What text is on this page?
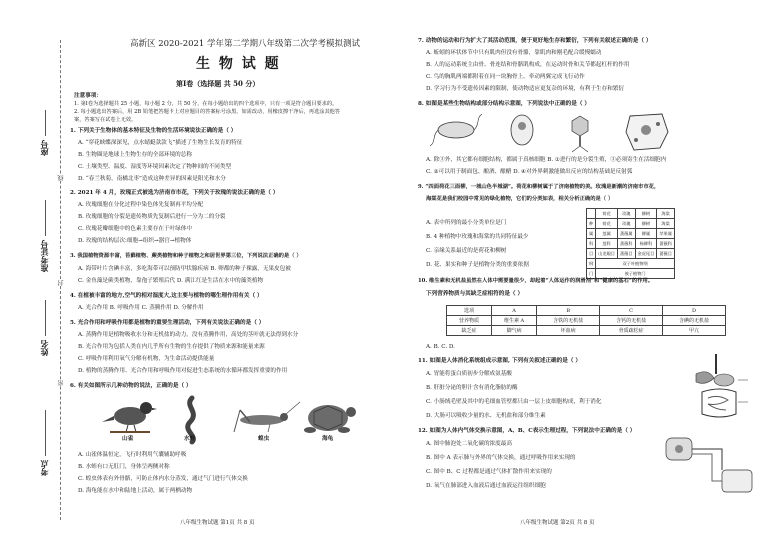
座号
准考证号
姓名
考点
线
封
密
高新区 2020-2021 学年第二学期八年级第二次学考模拟测试
生 物 试 题
第Ⅰ卷（选择题 共 50 分）
注意事项：
1. 第Ⅰ卷为选择题共 25 小题，每小题 2 分，共 50 分，在每小题给出的四个选项中，只有一项是符合题目要求的。
2. 每小题选出答案后，用 2B 铅笔把答题卡上对应题目的答案标号涂黑，如需改动，用橡皮擦干净后，再选涂其他答
案，答案写在试卷上无效。
1. 下列关于生物体的基本特征及生物的生活环境说法正确的是（ ）
A. “穿花蛱蝶深深见，点水蜻蜓款款飞”描述了生物生长发育的特征
B. 生物圈是地球上生物生存的全部环境的总称
C. 土壤类型、温度、湿度等环境因素决定了物种间的不同类型
D. “春兰秋菊，南橘北枣”造成这种差异的因素是阳光和水分
2. 2021 年 4 月，玫瑰正式被选为济南市市花，下列关于玫瑰的说法正确的是（ ）
A. 玫瑰细胞在分化过程中染色体先复制再平均分配
B. 玫瑰细胞的分裂是遗传物质先复制后进行一分为二的分裂
C. 玫瑰花瓣细胞中的色素主要存在于叶绿体中
D. 玫瑰的结构层次:细胞→组织→器官→植物体
3. 我国植物资源丰富，苔藓植物、蕨类植物和种子植物之和居世界第三位，下列说法正确的是（ ）
A. 海带叶片含碘丰富，多吃海带可以预防甲状腺疾病 B. 卵都的种子裸露，无果皮包被
C. 金鱼藻是蕨类植物，靠孢子繁殖后代 D. 满江红是生活在水中的藻类植物
4. 在植被丰富的地方,空气的相对湿度大,这主要与植物的哪生理作用有关（ ）
A. 光合作用 B. 呼吸作用 C. 蒸腾作用 D. 分解作用
5. 光合作用和呼吸作用都是植物的重要生理活动，下列有关说法正确的是（ ）
A. 蒸腾作用是植物吸收水分和无机盐的动力，没有蒸腾作用，高处的茎叶就无法得到水分
B. 光合作用为包括人类在内几乎所有生物的生存提供了物质来源和能量来源
C. 呼吸作用利用氧气分解有机物，为生命活动提供能量
D. 植物的蒸腾作用、光合作用和呼吸作用对促进生态系统的水循环都发挥重要的作用
6. 有关如图所示几种动物的说法，正确的是（ ）
山雀	水蛭	蝗虫	海龟
A. 山雀体温恒定，飞行时利用气囊辅助呼吸
B. 水蛭有口无肛门，身体呈两侧对称
C. 蝗虫体表有外骨骼，可防止体内水分蒸发，通过气门进行气体交换
D. 海龟能在水中和陆地上活动，属于两栖动物
八年级生物试题 第1页 共 8 页
7. 动物的运动和行为扩大了其活动范围，便于更好地生存和繁衍，下列有关叙述正确的是（ ）
A. 蚯蚓的环状体节中只有肌肉但没有骨骼，靠肌肉和刚毛配合缓慢蠕动
B. 人的运动系统主由骨、骨连结和骨骼肌构成，在运动时骨和关节都起杠杆的作用
C. 鸟的胸肌两端都附着在同一块胸骨上，牵动两翼完成飞行动作
D. 学习行为不受遗传因素的限制，使动物适应更复杂的环境，有利于生存和繁衍
8. 如图是某些生物结构或部分结构示意图，下列说法中正确的是（ ）
A. 除③外，其它都有细胞结构，都属于真核细胞 B. ①进行的是分裂生殖，③必须寄生在活细胞内
C. ②可以用于制面包、酿酒、酿醋 D. ④对外界刺激能做出反应的结构基础是反射弧
9. “四面荷花三面柳，一城山色半城湖”。荷花和柳树属于了济南植物的美。玫瑰是新潮的济南市市花，
海棠花是我们校园中常见的绿化植物，它们的分类如表，相关分析正确的是（ ）
A. 表中所列的最小分类单位是门
B. 4 种植物中玫瑰和海棠的共同特征最少
C. 亲缘关系最近的是荷花和柳树
D. 花、果实和种子是植物分类的重要依据
	荷花	玫瑰	柳树	海棠
种	荷花	玫瑰	柳树	海棠
属	莲属	蔷薇属	柳属	苹果属
科	莲科	蔷薇科	杨柳科	蔷薇科
目	山龙眼目	蔷薇目	金虎尾目	蔷薇目
纲	双子叶植物纲			
门	被子植物门			
10. 维生素和无机盐虽然在人体中需要量很少，却起着“人体运作的润滑剂”和“健康的基石”的作用。
下列营养物质与其缺乏症相符的是（ ）
选项	A	B	C	D
营养物质	维生素 A	含铁的无机盐	含钙的无机盐	含碘的无机盐
缺乏症	脚气病	坏血病	骨质疏松症	甲亢
A. B. C. D.
11. 如图是人体消化系统组成示意图, 下列有关叙述正确的是（ ）
A. 胃能将蛋白质初步分解成氨基酸
B. 肝脏分泌的胆汁含有消化脂肪的酶
C. 小肠绒毛壁及其中的毛细血管壁都只由一层上皮细胞构成，利于消化
D. 大肠可以吸收少量的水、无机盐和部分维生素
12. 如图为人体内气体交换示意图，A、B、C表示生理过程，下列说法中正确的是（ ）
A. 图中肺泡处二氧化碳的浓度最高
B. 图中 A 表示肺与外界的气体交换，通过呼吸作用来实现的
C. 图中 B、C 过程都是通过气体扩散作用来实现的
D. 氧气在肺部进入血液后通过血液运往组织细胞
八年级生物试题 第2页 共 8 页
